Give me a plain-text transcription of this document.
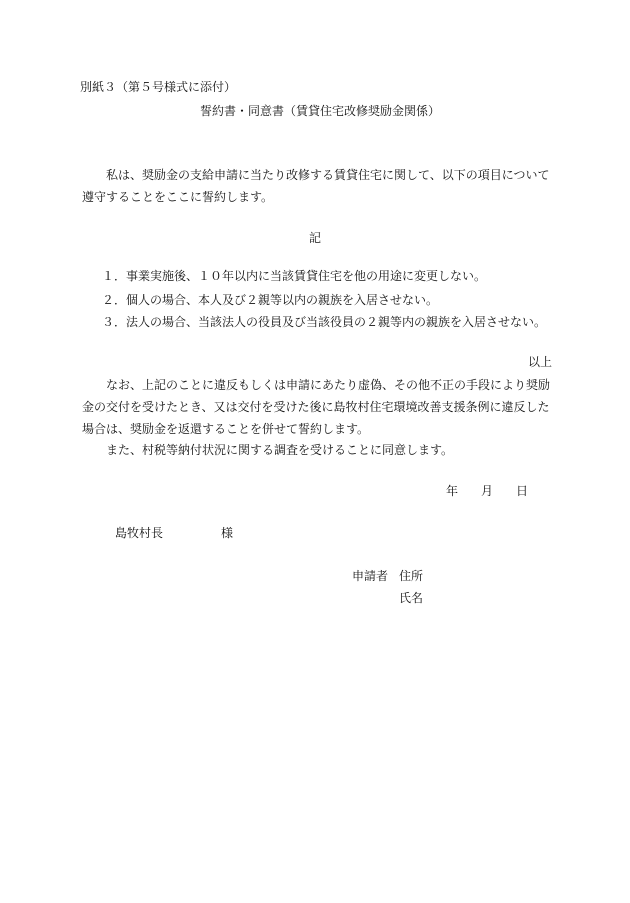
別紙３（第５号様式に添付）
誓約書・同意書（賃貸住宅改修奨励金関係）
私は、奨励金の支給申請に当たり改修する賃貸住宅に関して、以下の項目について遵守することをここに誓約します。
記
１．事業実施後、１０年以内に当該賃貸住宅を他の用途に変更しない。
２．個人の場合、本人及び２親等以内の親族を入居させない。
３．法人の場合、当該法人の役員及び当該役員の２親等内の親族を入居させない。
以上
なお、上記のことに違反もしくは申請にあたり虚偽、その他不正の手段により奨励金の交付を受けたとき、又は交付を受けた後に島牧村住宅環境改善支援条例に違反した場合は、奨励金を返還することを併せて誓約します。
また、村税等納付状況に関する調査を受けることに同意します。
年 月 日
島牧村長	様
申請者 住所
氏名
